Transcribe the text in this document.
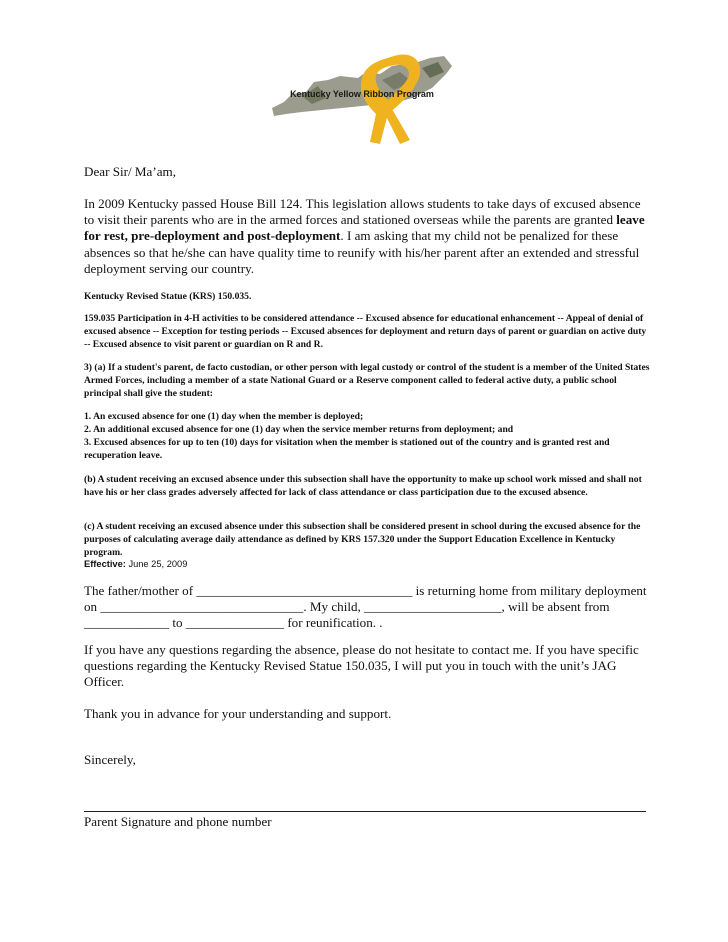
Kentucky Yellow Ribbon Program

Dear Sir/ Ma’am,

In 2009 Kentucky passed House Bill 124. This legislation allows students to take days of excused absence to visit their parents who are in the armed forces and stationed overseas while the parents are granted leave for rest, pre-deployment and post-deployment. I am asking that my child not be penalized for these absences so that he/she can have quality time to reunify with his/her parent after an extended and stressful deployment serving our country.

Kentucky Revised Statue (KRS) 150.035.

159.035 Participation in 4-H activities to be considered attendance -- Excused absence for educational enhancement -- Appeal of denial of excused absence -- Exception for testing periods -- Excused absences for deployment and return days of parent or guardian on active duty -- Excused absence to visit parent or guardian on R and R.

3) (a) If a student's parent, de facto custodian, or other person with legal custody or control of the student is a member of the United States Armed Forces, including a member of a state National Guard or a Reserve component called to federal active duty, a public school principal shall give the student:

1. An excused absence for one (1) day when the member is deployed;
2. An additional excused absence for one (1) day when the service member returns from deployment; and
3. Excused absences for up to ten (10) days for visitation when the member is stationed out of the country and is granted rest and recuperation leave.

(b) A student receiving an excused absence under this subsection shall have the opportunity to make up school work missed and shall not have his or her class grades adversely affected for lack of class attendance or class participation due to the excused absence.

(c) A student receiving an excused absence under this subsection shall be considered present in school during the excused absence for the purposes of calculating average daily attendance as defined by KRS 157.320 under the Support Education Excellence in Kentucky program.

Effective: June 25, 2009

The father/mother of _________________________________ is returning home from military deployment on _______________________________. My child, _____________________, will be absent from _____________ to _______________ for reunification. .

If you have any questions regarding the absence, please do not hesitate to contact me. If you have specific questions regarding the Kentucky Revised Statue 150.035, I will put you in touch with the unit’s JAG Officer.

Thank you in advance for your understanding and support.

Sincerely,

Parent Signature and phone number
